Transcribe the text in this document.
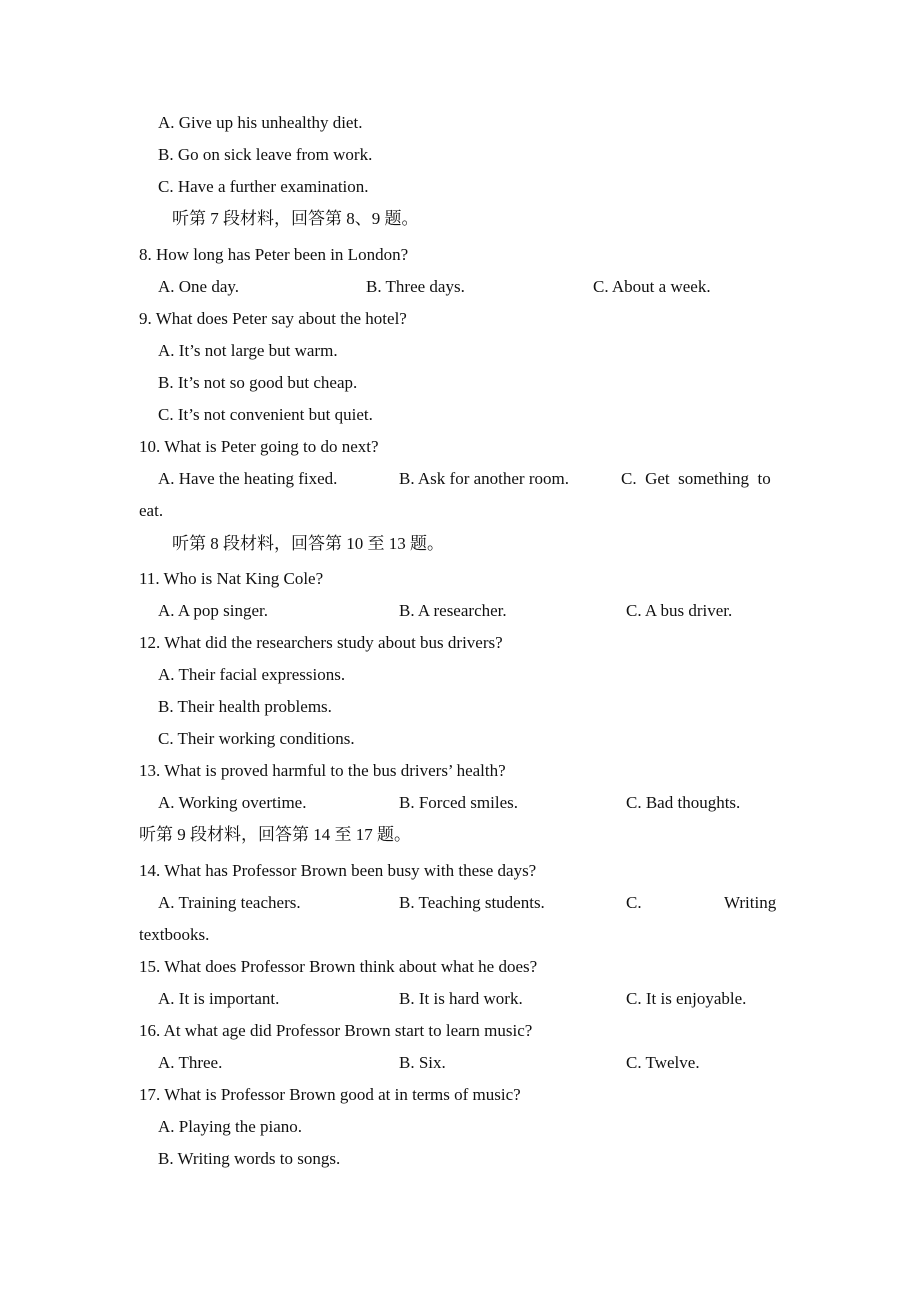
A. Give up his unhealthy diet.
B. Go on sick leave from work.
C. Have a further examination.
听第 7 段材料，回答第 8、9 题。
8. How long has Peter been in London?
A. One day.	B. Three days.	C. About a week.
9. What does Peter say about the hotel?
A. It’s not large but warm.
B. It’s not so good but cheap.
C. It’s not convenient but quiet.
10. What is Peter going to do next?
A. Have the heating fixed.	B. Ask for another room.	C.  Get  something  to
eat.
听第 8 段材料，回答第 10 至 13 题。
11. Who is Nat King Cole?
A. A pop singer.	B. A researcher.	C. A bus driver.
12. What did the researchers study about bus drivers?
A. Their facial expressions.
B. Their health problems.
C. Their working conditions.
13. What is proved harmful to the bus drivers’ health?
A. Working overtime.	B. Forced smiles.	C. Bad thoughts.
听第 9 段材料，回答第 14 至 17 题。
14. What has Professor Brown been busy with these days?
A. Training teachers.	B. Teaching students.	C.	Writing
textbooks.
15. What does Professor Brown think about what he does?
A. It is important.	B. It is hard work.	C. It is enjoyable.
16. At what age did Professor Brown start to learn music?
A. Three.	B. Six.	C. Twelve.
17. What is Professor Brown good at in terms of music?
A. Playing the piano.
B. Writing words to songs.
